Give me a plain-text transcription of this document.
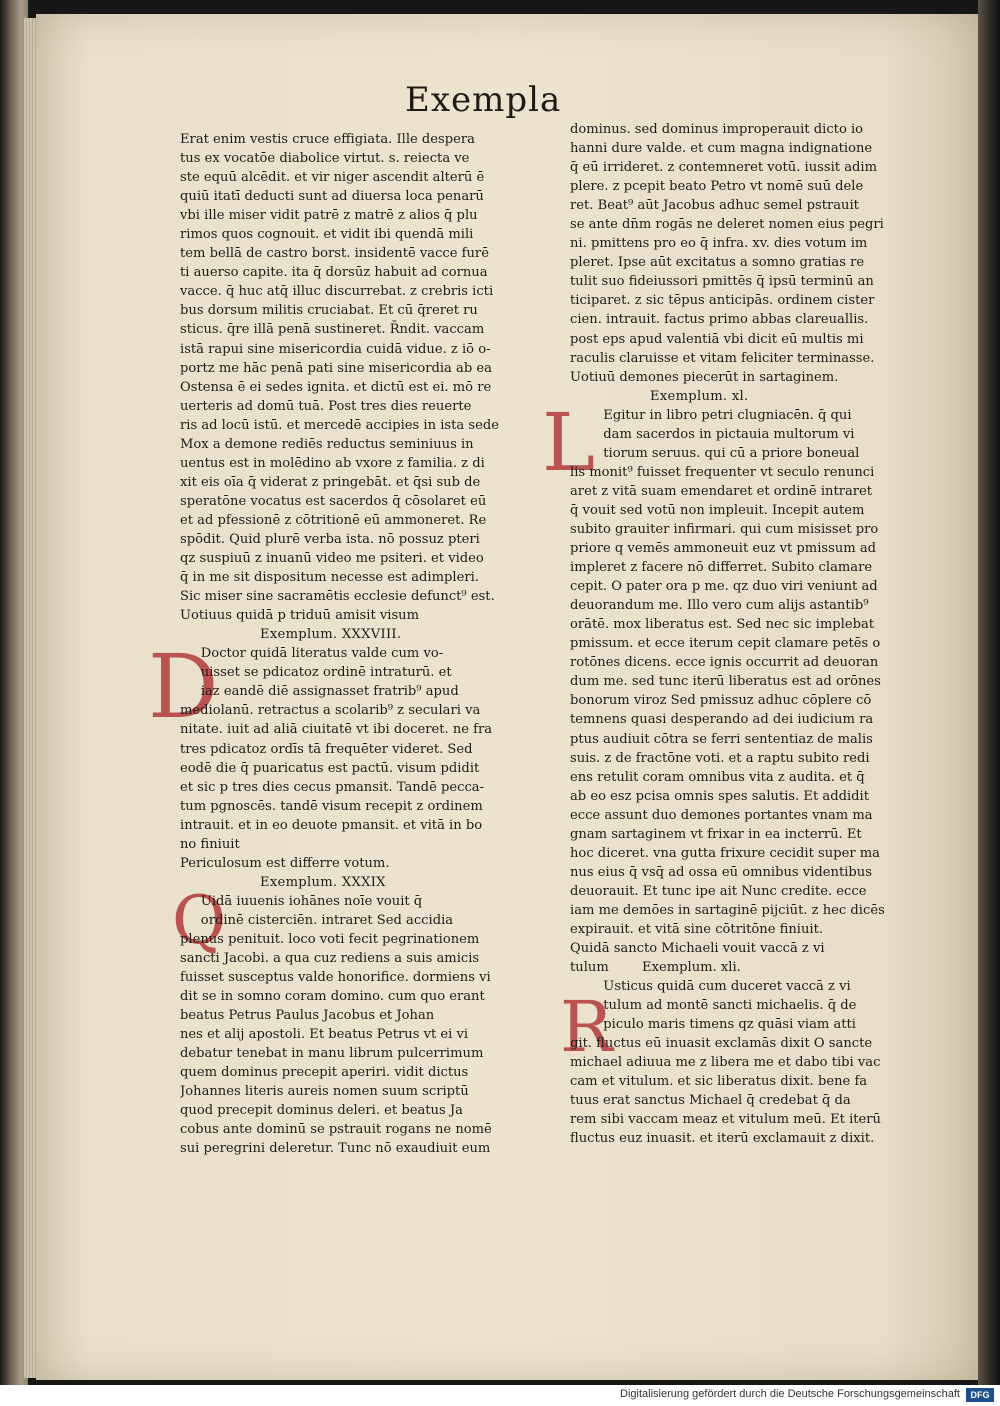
Exempla
D
Q
L
R
Erat enim vestis cruce effigiata. Ille despera
tus ex vocatōe diabolice virtut. s. reiecta ve
ste equū alcēdit. et vir niger ascendit alterū ē
quiū itatī deducti sunt ad diuersa loca penarū
vbi ille miser vidit patrē z matrē z alios q̄ plu
rimos quos cognouit. et vidit ibi quendā mili
tem bellā de castro borst. insidentē vacce furē
ti auerso capite. ita q̄ dorsūz habuit ad cornua
vacce. q̄ huc atq̄ illuc discurrebat. z crebris icti
bus dorsum militis cruciabat. Et cū q̄reret ru
sticus. q̄re illā penā sustineret. R̄ndit. vaccam
istā rapui sine misericordia cuidā vidue. z iō o-
portz me hāc penā pati sine misericordia ab ea
Ostensa ē ei sedes ignita. et dictū est ei. mō re
uerteris ad domū tuā. Post tres dies reuerte
ris ad locū istū. et mercedē accipies in ista sede
Mox a demone rediēs reductus seminiuus in
uentus est in molēdino ab vxore z familia. z di
xit eis oīa q̄ viderat z pringebāt. et q̄si sub de
speratōne vocatus est sacerdos q̄ cōsolaret eū
et ad pfessionē z cōtritionē eū ammoneret. Re
spōdit. Quid plurē verba ista. nō possuz pteri
qz suspiuū z inuanū video me psiteri. et video
q̄ in me sit dispositum necesse est adimpleri.
Sic miser sine sacramētis ecclesie defunct⁹ est.
Uotiuus quidā p triduū amisit visum
Exemplum. XXXVIII.
Doctor quidā literatus valde cum vo-
uisset se pdicatoz ordinē intraturū. et
iaz eandē diē assignasset fratrib⁹ apud
mediolanū. retractus a scolarib⁹ z seculari va
nitate. iuit ad aliā ciuitatē vt ibi doceret. ne fra
tres pdicatoz ordīs tā frequēter videret. Sed
eodē die q̄ puaricatus est pactū. visum pdidit
et sic p tres dies cecus pmansit. Tandē pecca-
tum pgnoscēs. tandē visum recepit z ordinem
intrauit. et in eo deuote pmansit. et vitā in bo
no finiuit
Periculosum est differre votum.
Exemplum. XXXIX
Uidā iuuenis iohānes noīe vouit q̄
ordinē cisterciēn. intraret Sed accidia
plenus penituit. loco voti fecit pegrinationem
sancti Jacobi. a qua cuz rediens a suis amicis
fuisset susceptus valde honorifice. dormiens vi
dit se in somno coram domino. cum quo erant
beatus Petrus Paulus Jacobus et Johan
nes et alij apostoli. Et beatus Petrus vt ei vi
debatur tenebat in manu librum pulcerrimum
quem dominus precepit aperiri. vidit dictus
Johannes literis aureis nomen suum scriptū
quod precepit dominus deleri. et beatus Ja
cobus ante dominū se pstrauit rogans ne nomē
sui peregrini deleretur. Tunc nō exaudiuit eum
dominus. sed dominus improperauit dicto io
hanni dure valde. et cum magna indignatione
q̄ eū irrideret. z contemneret votū. iussit adim
plere. z pcepit beato Petro vt nomē suū dele
ret. Beat⁹ aūt Jacobus adhuc semel pstrauit
se ante dn̄m rogās ne deleret nomen eius pegri
ni. pmittens pro eo q̄ infra. xv. dies votum im
pleret. Ipse aūt excitatus a somno gratias re
tulit suo fideiussori pmittēs q̄ ipsū terminū an
ticiparet. z sic tēpus anticipās. ordinem cister
cien. intrauit. factus primo abbas clareuallis.
post eps apud valentiā vbi dicit eū multis mi
raculis claruisse et vitam feliciter terminasse.
Uotiuū demones piecerūt in sartaginem.
Exemplum. xl.
Egitur in libro petri clugniacēn. q̄ qui
dam sacerdos in pictauia multorum vi
tiorum seruus. qui cū a priore boneual
lis monit⁹ fuisset frequenter vt seculo renunci
aret z vitā suam emendaret et ordinē intraret
q̄ vouit sed votū non impleuit. Incepit autem
subito grauiter infirmari. qui cum misisset pro
priore q vemēs ammoneuit euz vt pmissum ad
impleret z facere nō differret. Subito clamare
cepit. O pater ora p me. qz duo viri veniunt ad
deuorandum me. Illo vero cum alijs astantib⁹
orātē. mox liberatus est. Sed nec sic implebat
pmissum. et ecce iterum cepit clamare petēs o
rotōnes dicens. ecce ignis occurrit ad deuoran
dum me. sed tunc iterū liberatus est ad orōnes
bonorum viroz Sed pmissuz adhuc cōplere cō
temnens quasi desperando ad dei iudicium ra
ptus audiuit cōtra se ferri sententiaz de malis
suis. z de fractōne voti. et a raptu subito redi
ens retulit coram omnibus vita z audita. et q̄
ab eo esz pcisa omnis spes salutis. Et addidit
ecce assunt duo demones portantes vnam ma
gnam sartaginem vt frixar in ea incterrū. Et
hoc diceret. vna gutta frixure cecidit super ma
nus eius q̄ vsq̄ ad ossa eū omnibus videntibus
deuorauit. Et tunc ipe ait Nunc credite. ecce
iam me demōes in sartaginē pijciūt. z hec dicēs
expirauit. et vitā sine cōtritōne finiuit.
Quidā sancto Michaeli vouit vaccā z vi
tulum        Exemplum. xli.
Usticus quidā cum duceret vaccā z vi
tulum ad montē sancti michaelis. q̄ de
piculo maris timens qz quāsi viam atti
git. fluctus eū inuasit exclamās dixit O sancte
michael adiuua me z libera me et dabo tibi vac
cam et vitulum. et sic liberatus dixit. bene fa
tuus erat sanctus Michael q̄ credebat q̄ da
rem sibi vaccam meaz et vitulum meū. Et iterū
fluctus euz inuasit. et iterū exclamauit z dixit.
Digitalisierung gefördert durch die Deutsche Forschungsgemeinschaft	DFG
